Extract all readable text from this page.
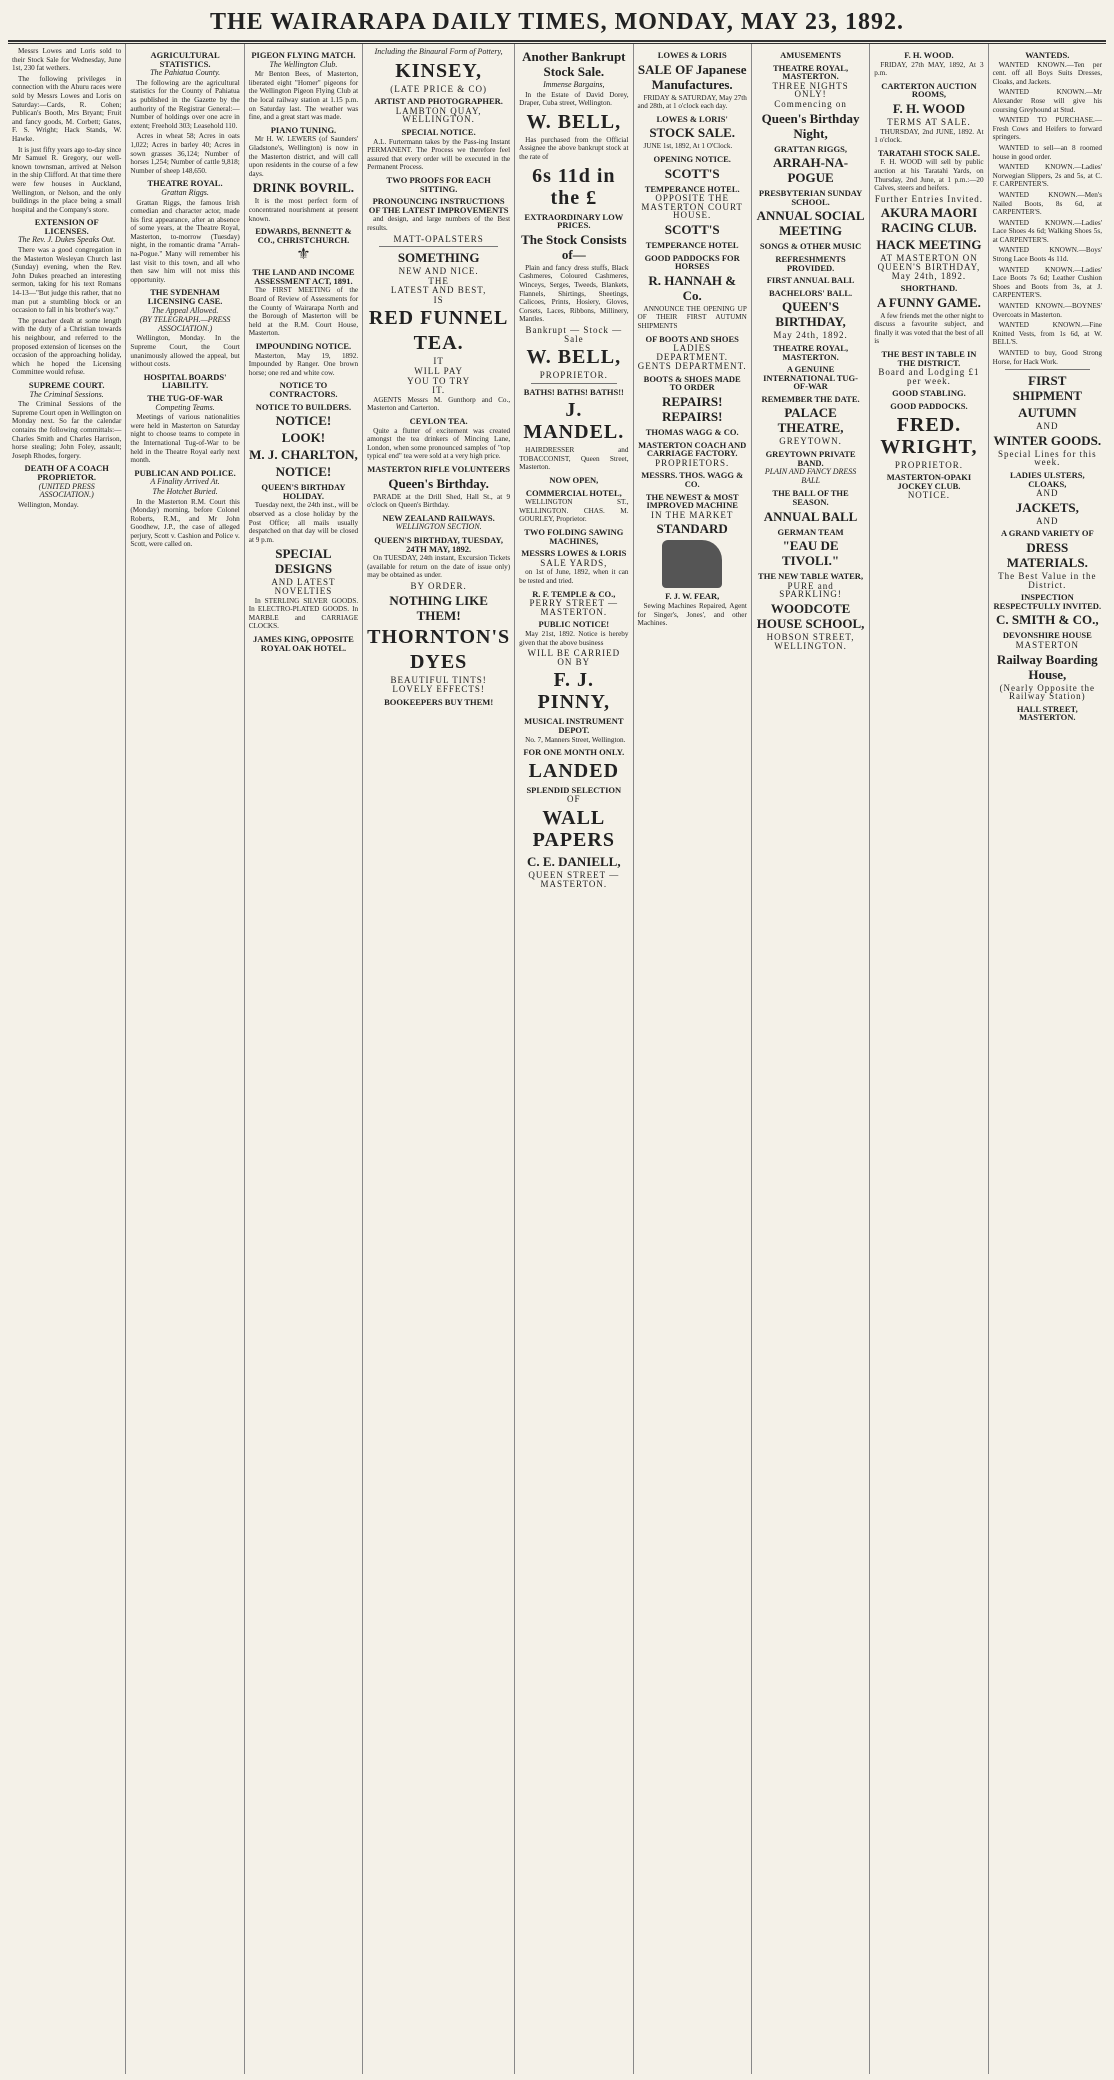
THE WAIRARAPA DAILY TIMES, MONDAY, MAY 23, 1892.
Messrs Lowes and Loris sold to their Stock Sale for Wednesday, June 1st, 230 fat wethers.
The following privileges in connection with the Ahuru races were sold by Messrs Lowes and Loris on Saturday:—Cards, R. Cohen; Publican's Booth, Mrs Bryant; Fruit and fancy goods, M. Corbett; Gates, F. S. Wright; Hack Stands, W. Hawke.
It is just fifty years ago to-day since Mr Samuel R. Gregory, our well-known townsman, arrived at Nelson in the ship Clifford. At that time there were few houses in Auckland, Wellington, or Nelson, and the only buildings in the place being a small hospital and the Company's store.
EXTENSION OF LICENSES.
The Rev. J. Dukes Speaks Out.
There was a good congregation in the Masterton Wesleyan Church last (Sunday) evening, when the Rev. John Dukes preached an interesting sermon, taking for his text Romans 14-13—"But judge this rather, that no man put a stumbling block or an occasion to fall in his brother's way."
The preacher dealt at some length with the duty of a Christian towards his neighbour, and referred to the proposed extension of licenses on the occasion of the approaching holiday, which he hoped the Licensing Committee would refuse.
SUPREME COURT.
The Criminal Sessions.
The Criminal Sessions of the Supreme Court open in Wellington on Monday next. So far the calendar contains the following committals:—Charles Smith and Charles Harrison, horse stealing; John Foley, assault; Joseph Rhodes, forgery.
DEATH OF A COACH PROPRIETOR.
(UNITED PRESS ASSOCIATION.)
Wellington, Monday.
AGRICULTURAL STATISTICS.
The Pahiatua County.
The following are the agricultural statistics for the County of Pahiatua as published in the Gazette by the authority of the Registrar General:—Number of holdings over one acre in extent; Freehold 303; Leasehold 110.
Acres in wheat 58; Acres in oats 1,022; Acres in barley 40; Acres in sown grasses 36,124; Number of horses 1,254; Number of cattle 9,818; Number of sheep 148,650.
THEATRE ROYAL.
Grattan Riggs.
Grattan Riggs, the famous Irish comedian and character actor, made his first appearance, after an absence of some years, at the Theatre Royal, Masterton, to-morrow (Tuesday) night, in the romantic drama "Arrah-na-Pogue." Many will remember his last visit to this town, and all who then saw him will not miss this opportunity.
THE SYDENHAM LICENSING CASE.
The Appeal Allowed.
(BY TELEGRAPH.—PRESS ASSOCIATION.)
Wellington, Monday. In the Supreme Court, the Court unanimously allowed the appeal, but without costs.
HOSPITAL BOARDS' LIABILITY.
THE TUG-OF-WAR
Competing Teams.
Meetings of various nationalities were held in Masterton on Saturday night to choose teams to compete in the International Tug-of-War to be held in the Theatre Royal early next month.
PUBLICAN AND POLICE.
A Finality Arrived At.
The Hotchet Buried.
In the Masterton R.M. Court this (Monday) morning, before Colonel Roberts, R.M., and Mr John Goodhew, J.P., the case of alleged perjury, Scott v. Cashion and Police v. Scott, were called on.
PIGEON FLYING MATCH.
The Wellington Club.
Mr Benton Bees, of Masterton, liberated eight "Homer" pigeons for the Wellington Pigeon Flying Club at the local railway station at 1.15 p.m. on Saturday last. The weather was fine, and a great start was made.
PIANO TUNING.
Mr H. W. LEWERS (of Saunders' Gladstone's, Wellington) is now in the Masterton district, and will call upon residents in the course of a few days.
DRINK BOVRIL.
It is the most perfect form of concentrated nourishment at present known.
EDWARDS, BENNETT & CO., CHRISTCHURCH.
⚜
THE LAND AND INCOME ASSESSMENT ACT, 1891.
The FIRST MEETING of the Board of Review of Assessments for the County of Wairarapa North and the Borough of Masterton will be held at the R.M. Court House, Masterton.
IMPOUNDING NOTICE.
Masterton, May 19, 1892. Impounded by Ranger. One brown horse; one red and white cow.
NOTICE TO CONTRACTORS.
NOTICE TO BUILDERS.
NOTICE!
LOOK!
M. J. CHARLTON,
NOTICE!
QUEEN'S BIRTHDAY HOLIDAY.
Tuesday next, the 24th inst., will be observed as a close holiday by the Post Office; all mails usually despatched on that day will be closed at 9 p.m.
SPECIAL DESIGNS
AND LATEST NOVELTIES
In STERLING SILVER GOODS. In ELECTRO-PLATED GOODS. In MARBLE and CARRIAGE CLOCKS.
JAMES KING, OPPOSITE ROYAL OAK HOTEL.
Including the Binaural Form of Pottery,
KINSEY,
(LATE PRICE & CO)
ARTIST AND PHOTOGRAPHER.
LAMBTON QUAY, WELLINGTON.
SPECIAL NOTICE.
A.L. Furtermann takes by the Pass-ing Instant PERMANENT. The Process we therefore feel assured that every order will be executed in the Permanent Process.
TWO PROOFS FOR EACH SITTING.
PRONOUNCING INSTRUCTIONS OF THE LATEST IMPROVEMENTS
and design, and large numbers of the Best results.
MATT-OPALSTERS
SOMETHING
NEW AND NICE.
THE
LATEST AND BEST,
IS
RED FUNNEL
TEA.
IT
WILL PAY
YOU TO TRY
IT.
AGENTS Messrs M. Gunthorp and Co., Masterton and Carterton.
CEYLON TEA.
Quite a flutter of excitement was created amongst the tea drinkers of Mincing Lane, London, when some pronounced samples of "top typical end" tea were sold at a very high price.
MASTERTON RIFLE VOLUNTEERS
Queen's Birthday.
PARADE at the Drill Shed, Hall St., at 9 o'clock on Queen's Birthday.
NEW ZEALAND RAILWAYS.
WELLINGTON SECTION.
QUEEN'S BIRTHDAY, TUESDAY, 24TH MAY, 1892.
On TUESDAY, 24th instant, Excursion Tickets (available for return on the date of issue only) may be obtained as under.
BY ORDER.
NOTHING LIKE THEM!
THORNTON'S
DYES
BEAUTIFUL TINTS!
LOVELY EFFECTS!
BOOKEEPERS BUY THEM!
Another Bankrupt Stock Sale.
Immense Bargains,
In the Estate of David Dorey, Draper, Cuba street, Wellington.
W. BELL,
Has purchased from the Official Assignee the above bankrupt stock at the rate of
6s 11d in the £
EXTRAORDINARY LOW PRICES.
The Stock Consists of—
Plain and fancy dress stuffs, Black Cashmeres, Coloured Cashmeres, Winceys, Serges, Tweeds, Blankets, Flannels, Shirtings, Sheetings, Calicoes, Prints, Hosiery, Gloves, Corsets, Laces, Ribbons, Millinery, Mantles.
Bankrupt — Stock — Sale
W. BELL,
PROPRIETOR.
BATHS! BATHS! BATHS!!
J. MANDEL.
HAIRDRESSER and TOBACCONIST, Queen Street, Masterton.
NOW OPEN,
COMMERCIAL HOTEL,
WELLINGTON ST., WELLINGTON. CHAS. M. GOURLEY, Proprietor.
TWO FOLDING SAWING MACHINES,
MESSRS LOWES & LORIS
SALE YARDS,
on 1st of June, 1892, when it can be tested and tried.
R. F. TEMPLE & CO.,
PERRY STREET — MASTERTON.
PUBLIC NOTICE!
May 21st, 1892. Notice is hereby given that the above business
WILL BE CARRIED ON BY
F. J. PINNY,
MUSICAL INSTRUMENT DEPOT.
No. 7, Manners Street, Wellington.
FOR ONE MONTH ONLY.
LANDED
SPLENDID SELECTION
OF
WALL PAPERS
C. E. DANIELL,
QUEEN STREET — MASTERTON.
LOWES & LORIS
SALE OF Japanese Manufactures.
FRIDAY & SATURDAY, May 27th and 28th, at 1 o'clock each day.
LOWES & LORIS'
STOCK SALE.
JUNE 1st, 1892, At 1 O'Clock.
OPENING NOTICE.
SCOTT'S
TEMPERANCE HOTEL.
OPPOSITE THE MASTERTON COURT HOUSE.
SCOTT'S
TEMPERANCE HOTEL
GOOD PADDOCKS FOR HORSES
R. HANNAH & Co.
ANNOUNCE THE OPENING UP OF THEIR FIRST AUTUMN SHIPMENTS
OF BOOTS AND SHOES
LADIES DEPARTMENT.
GENTS DEPARTMENT.
BOOTS & SHOES MADE TO ORDER
REPAIRS! REPAIRS!
THOMAS WAGG & CO.
MASTERTON COACH AND CARRIAGE FACTORY.
PROPRIETORS.
MESSRS. THOS. WAGG & CO.
THE NEWEST & MOST IMPROVED MACHINE
IN THE MARKET
STANDARD
F. J. W. FEAR,
Sewing Machines Repaired, Agent for Singer's, Jones', and other Machines.
AMUSEMENTS
THEATRE ROYAL, MASTERTON.
THREE NIGHTS ONLY!
Commencing on
Queen's Birthday Night,
GRATTAN RIGGS,
ARRAH-NA-POGUE
PRESBYTERIAN SUNDAY SCHOOL.
ANNUAL SOCIAL MEETING
SONGS & OTHER MUSIC
REFRESHMENTS PROVIDED.
FIRST ANNUAL BALL
BACHELORS' BALL.
QUEEN'S BIRTHDAY,
May 24th, 1892.
THEATRE ROYAL, MASTERTON.
A GENUINE INTERNATIONAL TUG-OF-WAR
REMEMBER THE DATE.
PALACE THEATRE,
GREYTOWN.
GREYTOWN PRIVATE BAND.
PLAIN AND FANCY DRESS BALL
THE BALL OF THE SEASON.
ANNUAL BALL
GERMAN TEAM
"EAU DE TIVOLI."
THE NEW TABLE WATER,
PURE and SPARKLING!
WOODCOTE HOUSE SCHOOL,
HOBSON STREET, WELLINGTON.
F. H. WOOD.
FRIDAY, 27th MAY, 1892, At 3 p.m.
CARTERTON AUCTION ROOMS,
F. H. WOOD
TERMS AT SALE.
THURSDAY, 2nd JUNE, 1892. At 1 o'clock.
TARATAHI STOCK SALE.
F. H. WOOD will sell by public auction at his Taratahi Yards, on Thursday, 2nd June, at 1 p.m.:—20 Calves, steers and heifers.
Further Entries Invited.
AKURA MAORI RACING CLUB.
HACK MEETING
AT MASTERTON ON QUEEN'S BIRTHDAY, May 24th, 1892.
SHORTHAND.
A FUNNY GAME.
A few friends met the other night to discuss a favourite subject, and finally it was voted that the best of all is
THE BEST IN TABLE IN THE DISTRICT.
Board and Lodging £1 per week.
GOOD STABLING.
GOOD PADDOCKS.
FRED. WRIGHT,
PROPRIETOR.
MASTERTON-OPAKI JOCKEY CLUB.
NOTICE.
WANTEDS.
WANTED KNOWN.—Ten per cent. off all Boys Suits Dresses, Cloaks, and Jackets.
WANTED KNOWN.—Mr Alexander Rose will give his coursing Greyhound at Stud.
WANTED TO PURCHASE.—Fresh Cows and Heifers to forward springers.
WANTED to sell—an 8 roomed house in good order.
WANTED KNOWN.—Ladies' Norwegian Slippers, 2s and 5s, at C. F. CARPENTER'S.
WANTED KNOWN.—Men's Nailed Boots, 8s 6d, at CARPENTER'S.
WANTED KNOWN.—Ladies' Lace Shoes 4s 6d; Walking Shoes 5s, at CARPENTER'S.
WANTED KNOWN.—Boys' Strong Lace Boots 4s 11d.
WANTED KNOWN.—Ladies' Lace Boots 7s 6d; Leather Cushion Shoes and Boots from 3s, at J. CARPENTER'S.
WANTED KNOWN.—BOYNES' Overcoats in Masterton.
WANTED KNOWN.—Fine Knitted Vests, from 1s 6d, at W. BELL'S.
WANTED to buy, Good Strong Horse, for Hack Work.
FIRST SHIPMENT
AUTUMN
AND
WINTER GOODS.
Special Lines for this week.
LADIES ULSTERS, CLOAKS,
AND
JACKETS,
AND
A GRAND VARIETY OF
DRESS MATERIALS.
The Best Value in the District.
INSPECTION RESPECTFULLY INVITED.
C. SMITH & CO.,
DEVONSHIRE HOUSE
MASTERTON
Railway Boarding House,
(Nearly Opposite the Railway Station)
HALL STREET, MASTERTON.
